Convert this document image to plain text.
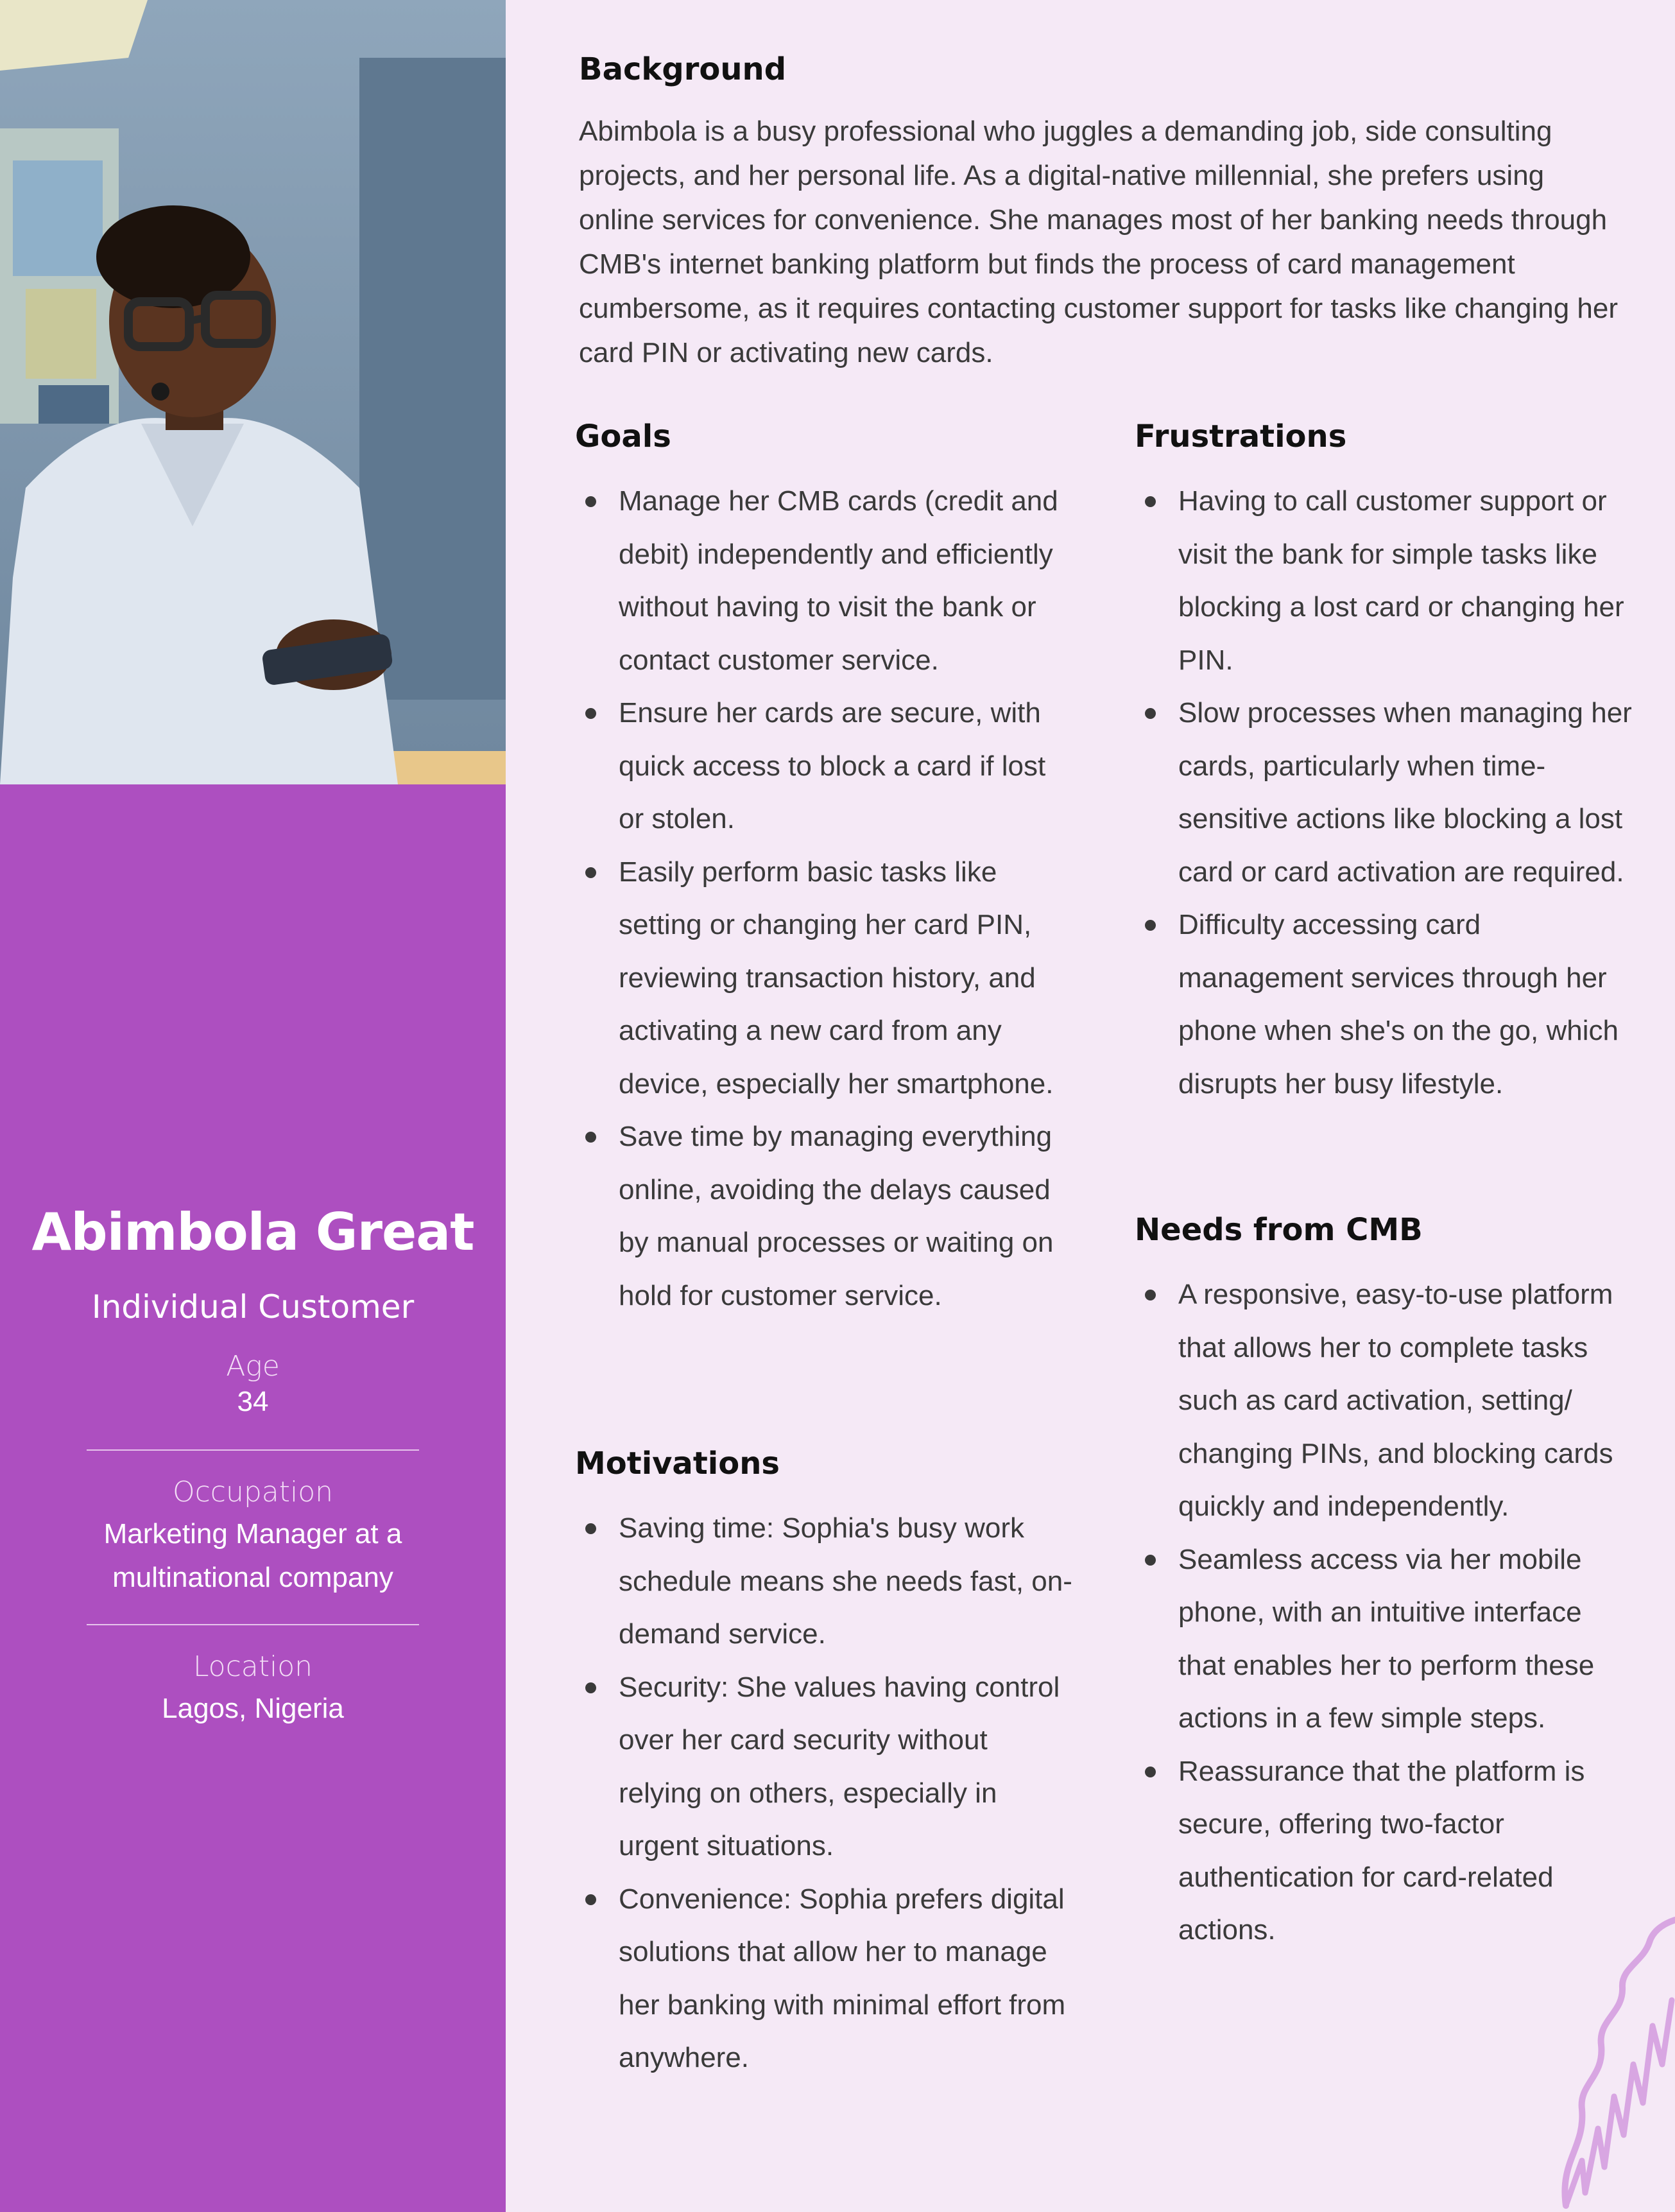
Abimbola Great
Individual Customer
Age
34
Occupation
Marketing Manager at a
multinational company
Location
Lagos, Nigeria
Background

Abimbola is a busy professional who juggles a demanding job, side consulting projects, and her personal life. As a digital-native millennial, she prefers using online services for convenience. She manages most of her banking needs through CMB's internet banking platform but finds the process of card management cumbersome, as it requires contacting customer support for tasks like changing her card PIN or activating new cards.

Goals
Manage her CMB cards (credit and debit) independently and efficiently without having to visit the bank or contact customer service.
Ensure her cards are secure, with quick access to block a card if lost or stolen.
Easily perform basic tasks like setting or changing her card PIN, reviewing transaction history, and activating a new card from any device, especially her smartphone.
Save time by managing everything online, avoiding the delays caused by manual processes or waiting on hold for customer service.
Motivations
Saving time: Sophia's busy work schedule means she needs fast, on-demand service.
Security: She values having control over her card security without relying on others, especially in urgent situations.
Convenience: Sophia prefers digital solutions that allow her to manage her banking with minimal effort from anywhere.
Frustrations
Having to call customer support or visit the bank for simple tasks like blocking a lost card or changing her PIN.
Slow processes when managing her cards, particularly when time-sensitive actions like blocking a lost card or card activation are required.
Difficulty accessing card management services through her phone when she's on the go, which disrupts her busy lifestyle.
Needs from CMB
A responsive, easy-to-use platform that allows her to complete tasks such as card activation, setting/ changing PINs, and blocking cards quickly and independently.
Seamless access via her mobile phone, with an intuitive interface that enables her to perform these actions in a few simple steps.
Reassurance that the platform is secure, offering two-factor authentication for card-related actions.
